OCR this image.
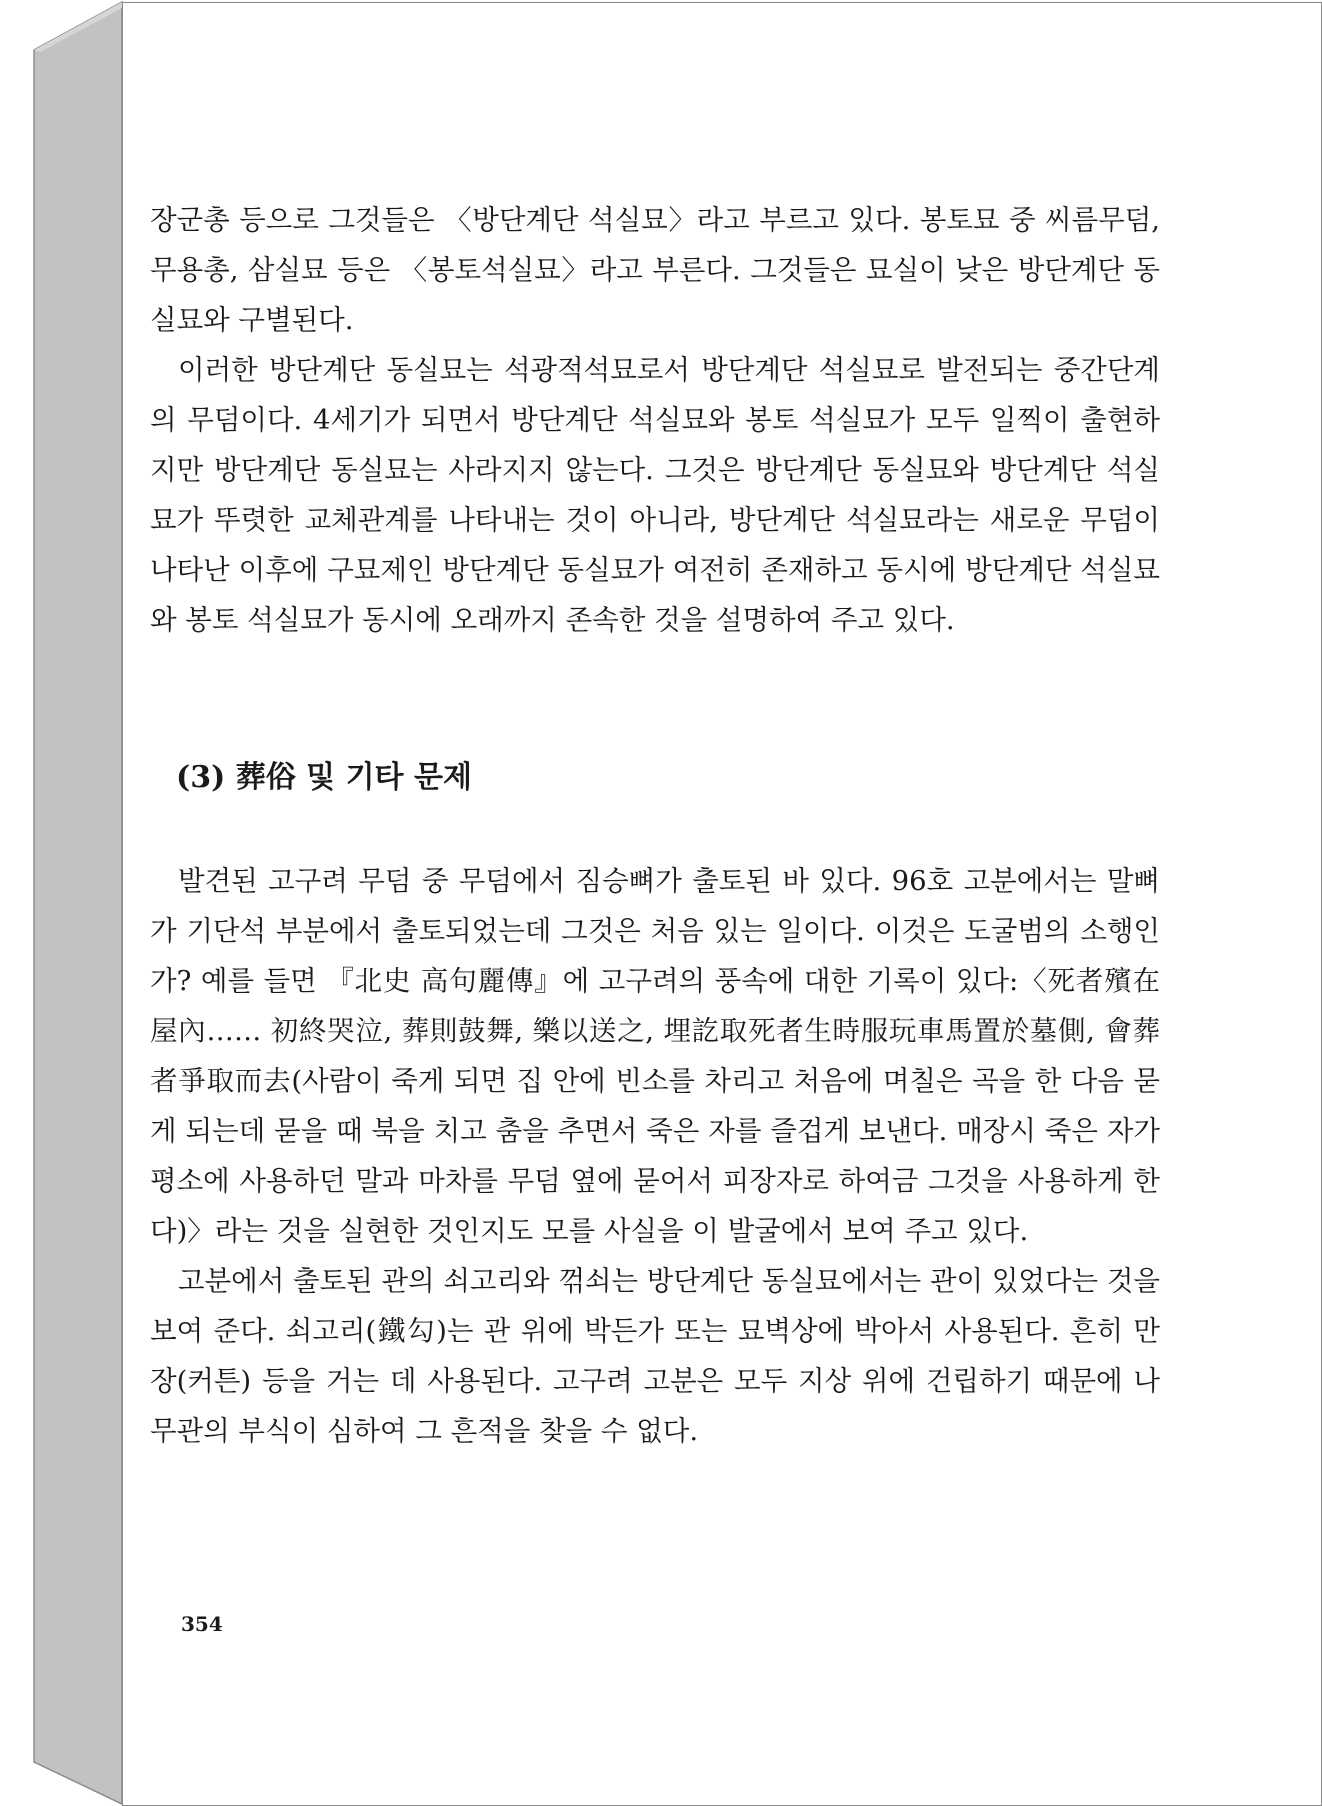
장군총 등으로 그것들은 〈방단계단 석실묘〉라고 부르고 있다. 봉토묘 중 씨름무덤, 무용총, 삼실묘 등은 〈봉토석실묘〉라고 부른다. 그것들은 묘실이 낮은 방단계단 동실묘와 구별된다.

이러한 방단계단 동실묘는 석광적석묘로서 방단계단 석실묘로 발전되는 중간단계의 무덤이다. 4세기가 되면서 방단계단 석실묘와 봉토 석실묘가 모두 일찍이 출현하지만 방단계단 동실묘는 사라지지 않는다. 그것은 방단계단 동실묘와 방단계단 석실묘가 뚜렷한 교체관계를 나타내는 것이 아니라, 방단계단 석실묘라는 새로운 무덤이 나타난 이후에 구묘제인 방단계단 동실묘가 여전히 존재하고 동시에 방단계단 석실묘와 봉토 석실묘가 동시에 오래까지 존속한 것을 설명하여 주고 있다.

(3) 葬俗 및 기타 문제

발견된 고구려 무덤 중 무덤에서 짐승뼈가 출토된 바 있다. 96호 고분에서는 말뼈가 기단석 부분에서 출토되었는데 그것은 처음 있는 일이다. 이것은 도굴범의 소행인가? 예를 들면 『北史 高句麗傳』에 고구려의 풍속에 대한 기록이 있다:〈死者殯在屋內…… 初終哭泣, 葬則鼓舞, 樂以送之, 埋訖取死者生時服玩車馬置於墓側, 會葬者爭取而去(사람이 죽게 되면 집 안에 빈소를 차리고 처음에 며칠은 곡을 한 다음 묻게 되는데 묻을 때 북을 치고 춤을 추면서 죽은 자를 즐겁게 보낸다. 매장시 죽은 자가 평소에 사용하던 말과 마차를 무덤 옆에 묻어서 피장자로 하여금 그것을 사용하게 한다)〉라는 것을 실현한 것인지도 모를 사실을 이 발굴에서 보여 주고 있다.

고분에서 출토된 관의 쇠고리와 꺾쇠는 방단계단 동실묘에서는 관이 있었다는 것을 보여 준다. 쇠고리(鐵勾)는 관 위에 박든가 또는 묘벽상에 박아서 사용된다. 흔히 만장(커튼) 등을 거는 데 사용된다. 고구려 고분은 모두 지상 위에 건립하기 때문에 나무관의 부식이 심하여 그 흔적을 찾을 수 없다.

354
